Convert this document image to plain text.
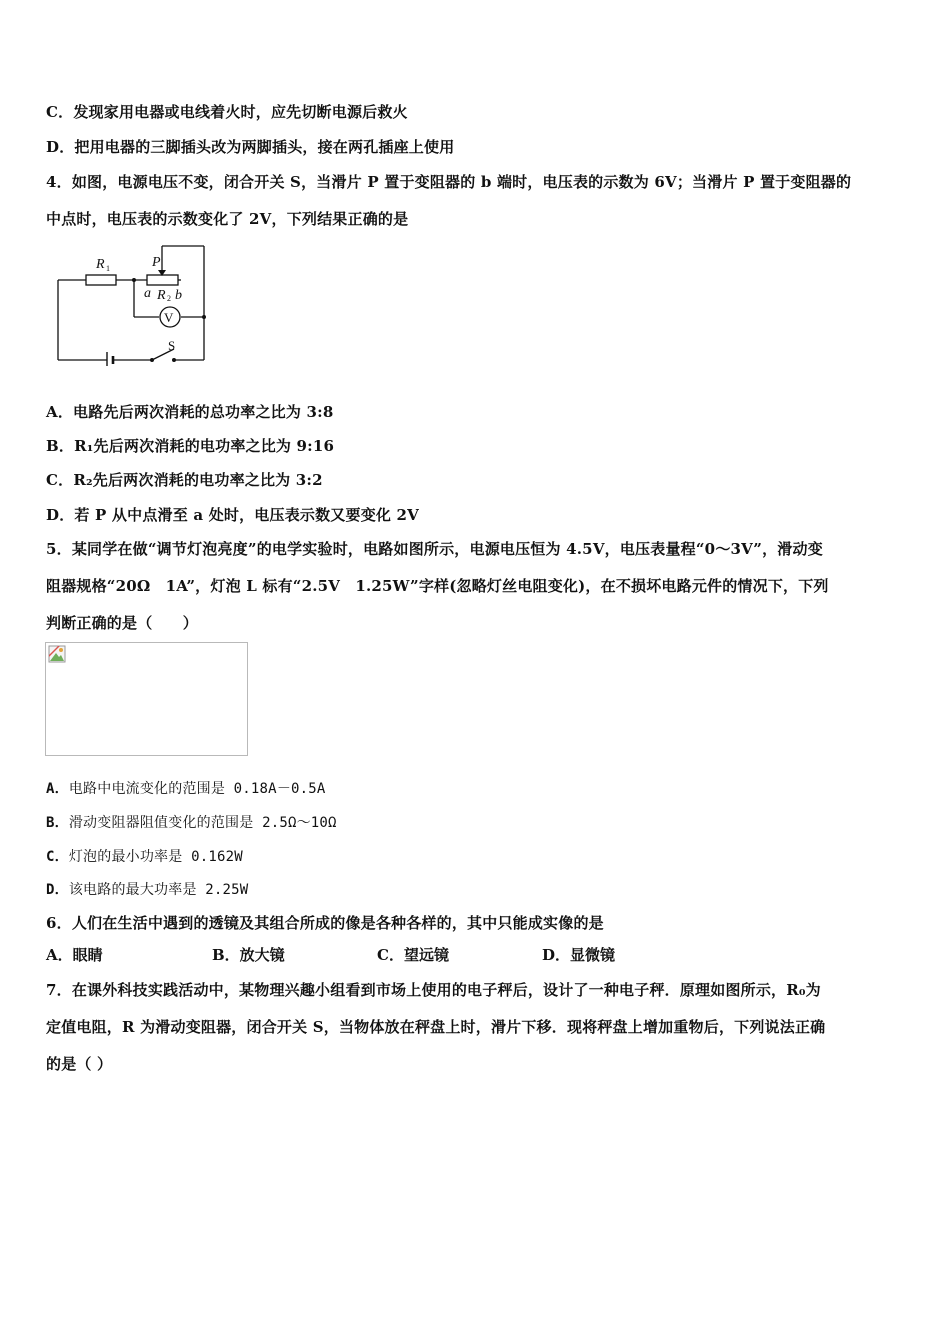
C．发现家用电器或电线着火时，应先切断电源后救火
D．把用电器的三脚插头改为两脚插头，接在两孔插座上使用
4．如图，电源电压不变，闭合开关 S，当滑片 P 置于变阻器的 b 端时，电压表的示数为 6V；当滑片 P 置于变阻器的
中点时，电压表的示数变化了 2V，下列结果正确的是
R 1	P
a R 2 b
V
S
A．电路先后两次消耗的总功率之比为 3:8
B．R₁先后两次消耗的电功率之比为 9:16
C．R₂先后两次消耗的电功率之比为 3:2
D．若 P 从中点滑至 a 处时，电压表示数又要变化 2V
5．某同学在做“调节灯泡亮度”的电学实验时，电路如图所示，电源电压恒为 4.5V，电压表量程“0～3V”，滑动变
阻器规格“20Ω　1A”，灯泡 L 标有“2.5V　1.25W”字样(忽略灯丝电阻变化)，在不损坏电路元件的情况下，下列
判断正确的是（　　）
A．电路中电流变化的范围是 0.18A－0.5A
B．滑动变阻器阻值变化的范围是 2.5Ω～10Ω
C．灯泡的最小功率是 0.162W
D．该电路的最大功率是 2.25W
6．人们在生活中遇到的透镜及其组合所成的像是各种各样的，其中只能成实像的是
A．眼睛	B．放大镜	C．望远镜	D．显微镜
7．在课外科技实践活动中，某物理兴趣小组看到市场上使用的电子秤后，设计了一种电子秤．原理如图所示，R₀为
定值电阻，R 为滑动变阻器，闭合开关 S，当物体放在秤盘上时，滑片下移．现将秤盘上增加重物后，下列说法正确
的是（ ）
